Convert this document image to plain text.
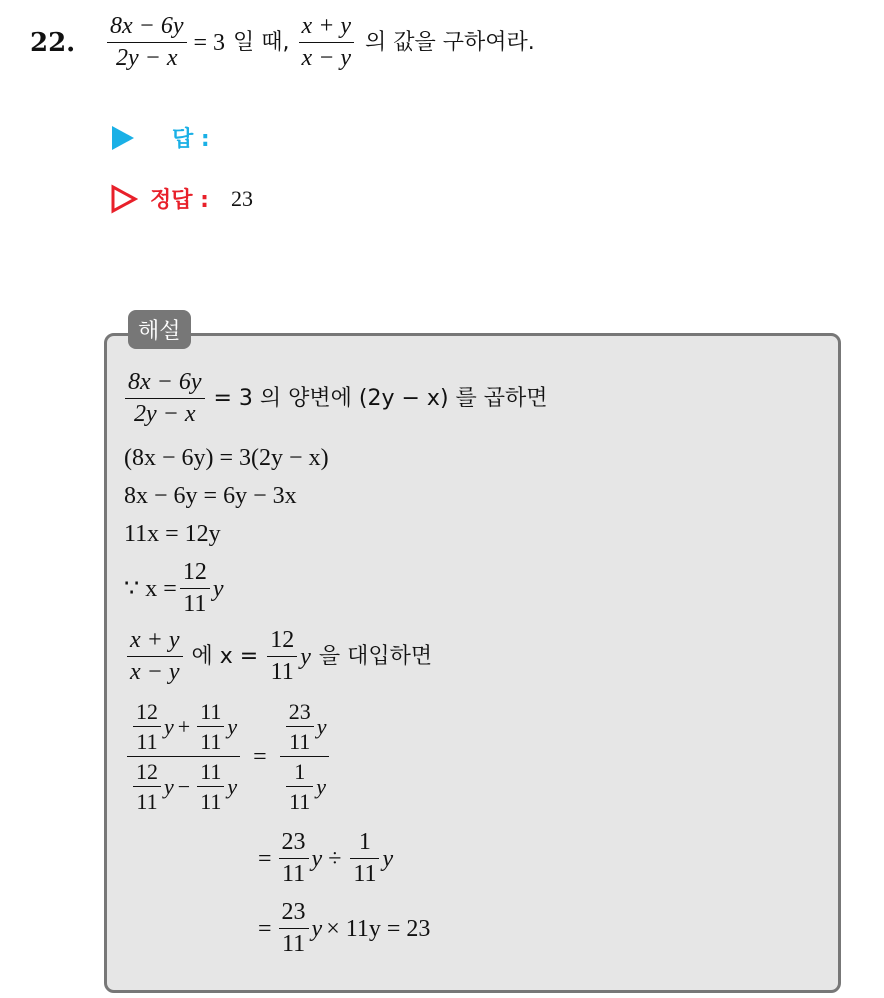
22. $\frac{8x - 6y}{2y - x} = 3$ 일 때, $\frac{x + y}{x - y}$ 의 값을 구하여라.
답 :
정답 : 23
해설
$\frac{8x - 6y}{2y - x} = 3$ 의 양변에 (2y − x) 를 곱하면
(8x − 6y) = 3(2y − x)
8x − 6y = 6y − 3x
11x = 12y
∵ $x = \frac{12}{11}$ y
$\frac{x + y}{x - y}$ 에 $x = \frac{12}{11}$ y 을 대입하면
$\frac{\frac{12}{11} y + \frac{11}{11} y}{\frac{12}{11} y - \frac{11}{11} y} = \frac{\frac{23}{11} y}{\frac{1}{11} y}$
= $\frac{23}{11}$ $y \div \frac{1}{11}$ y
= $\frac{23}{11}$ y × 11y = 23
